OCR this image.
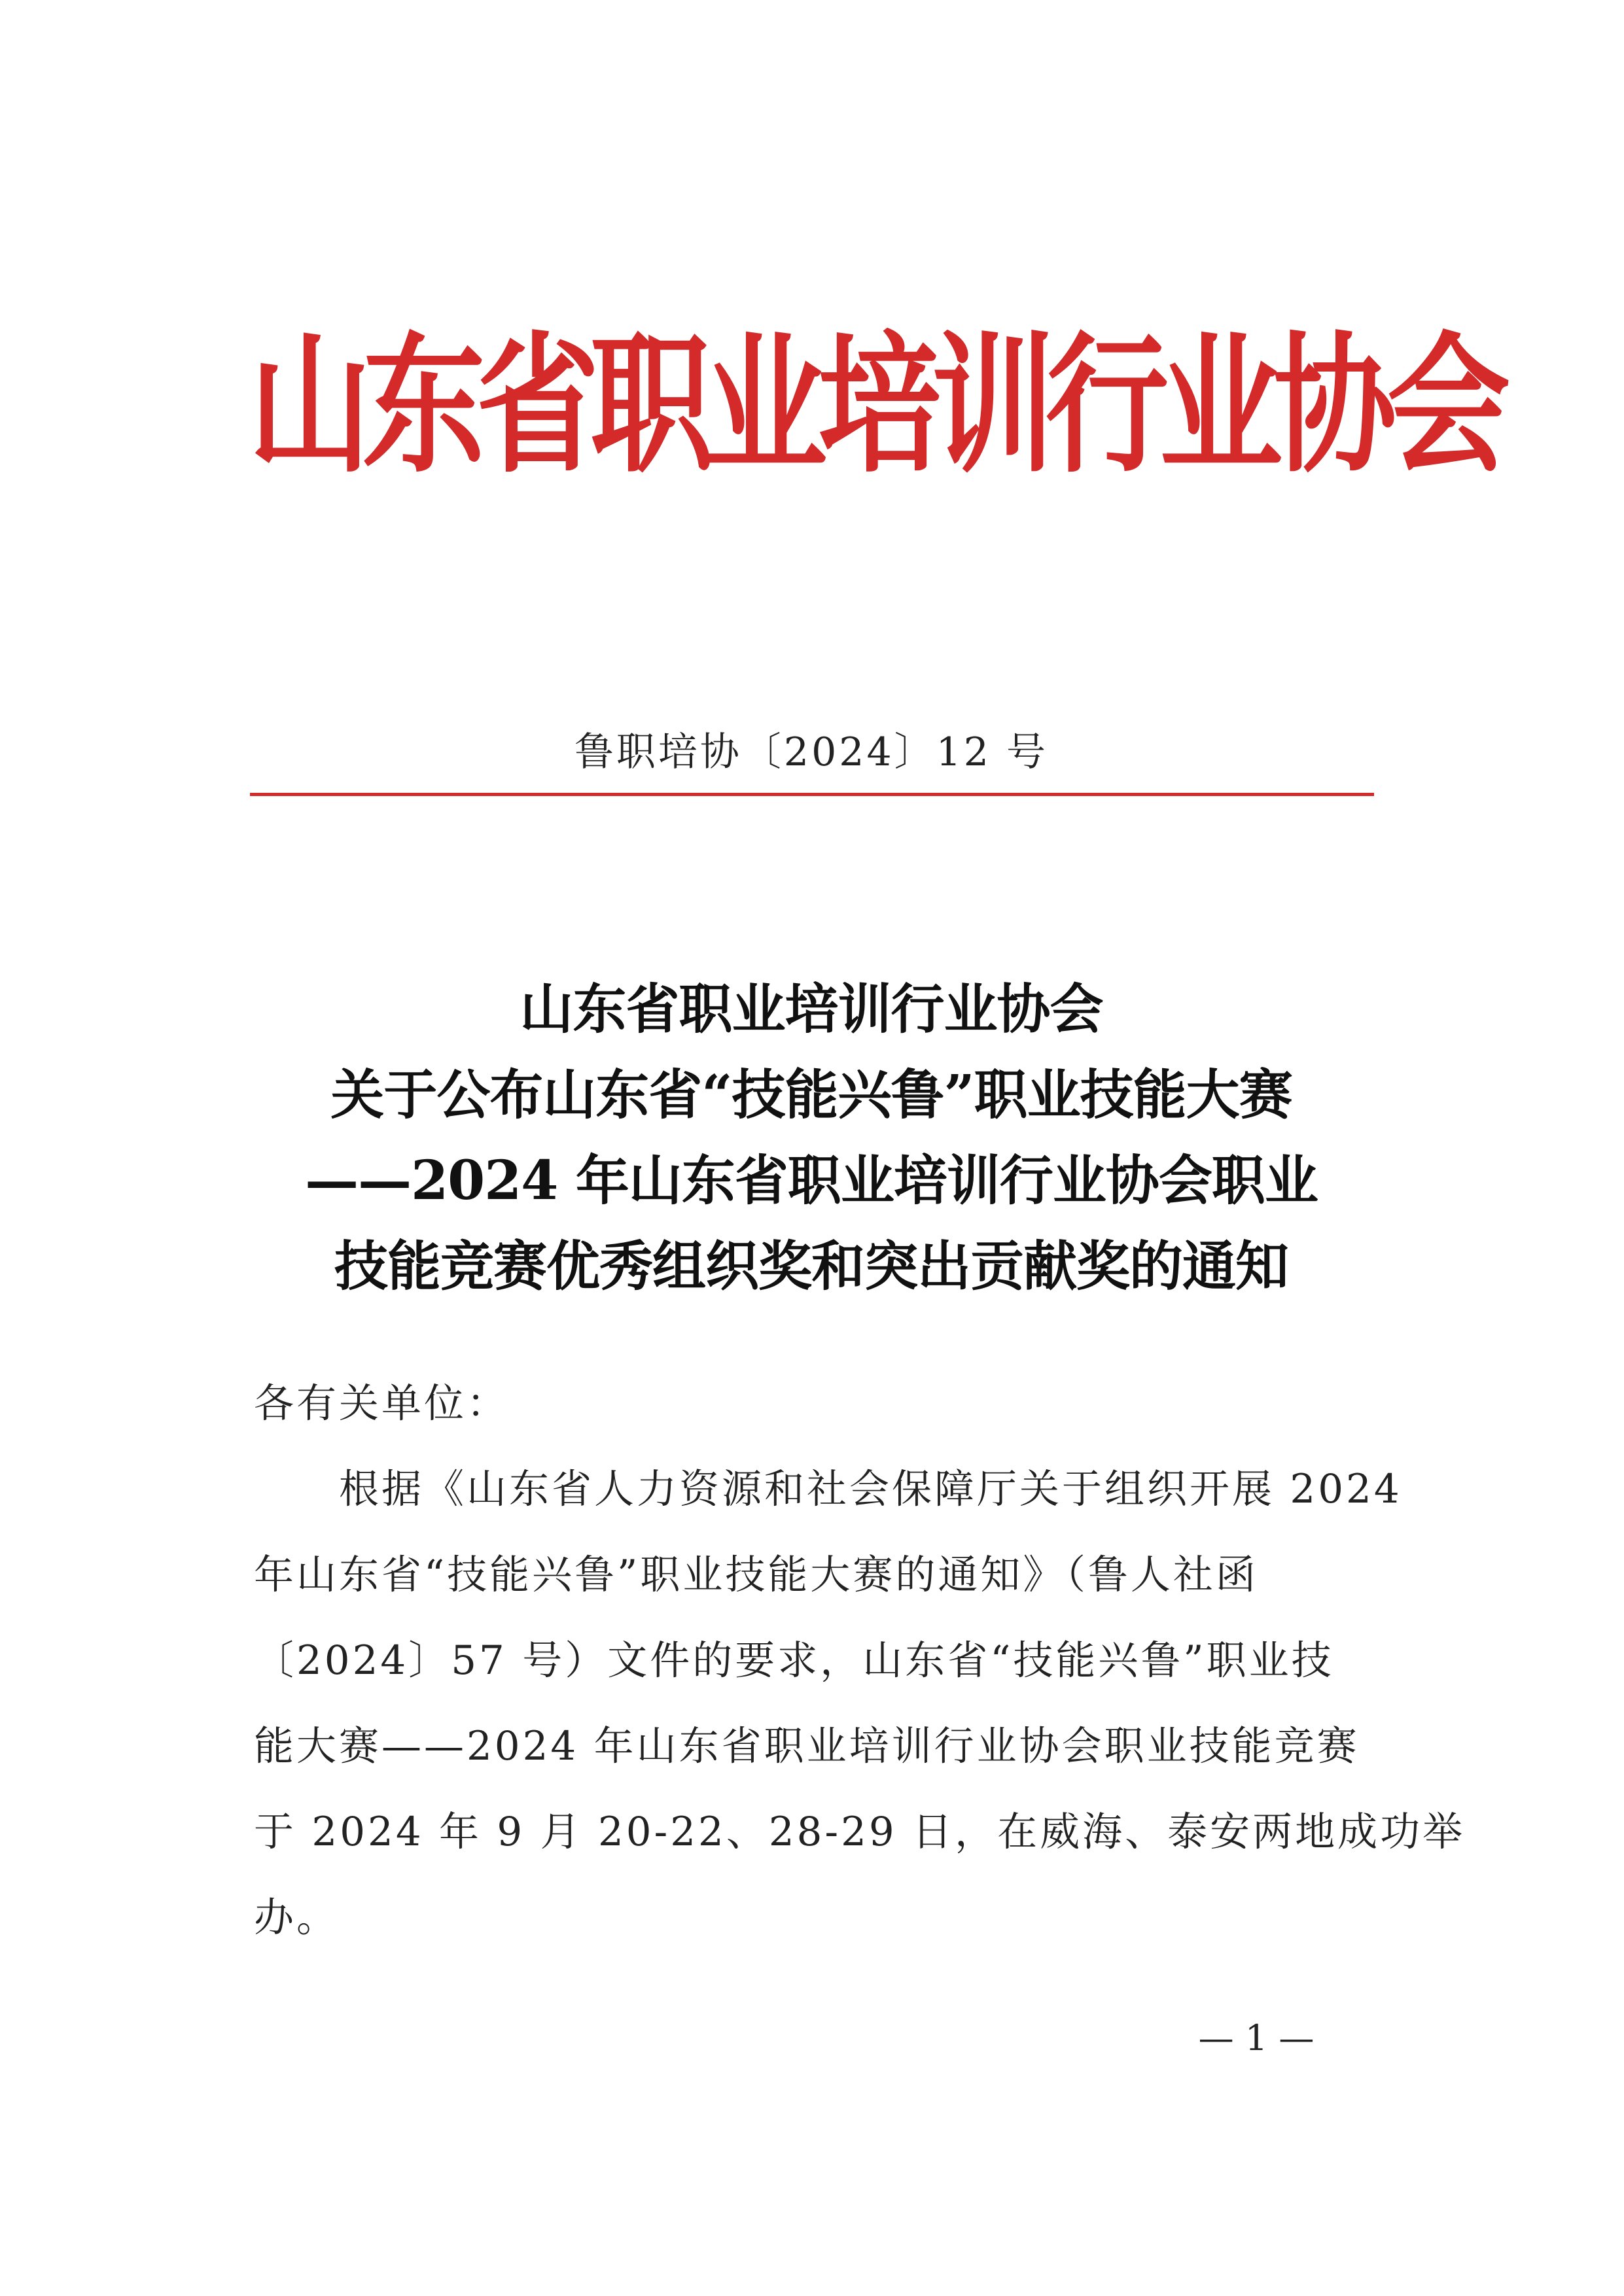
山东省职业培训行业协会
鲁职培协〔2024〕12 号
山东省职业培训行业协会
关于公布山东省“技能兴鲁”职业技能大赛
——2024 年山东省职业培训行业协会职业
技能竞赛优秀组织奖和突出贡献奖的通知
各有关单位：
根据《山东省人力资源和社会保障厅关于组织开展 2024
年山东省“技能兴鲁”职业技能大赛的通知》（鲁人社函
〔2024〕57 号）文件的要求，山东省“技能兴鲁”职业技
能大赛——2024 年山东省职业培训行业协会职业技能竞赛
于 2024 年 9 月 20-22、28-29 日，在威海、泰安两地成功举
办。
— 1 —
